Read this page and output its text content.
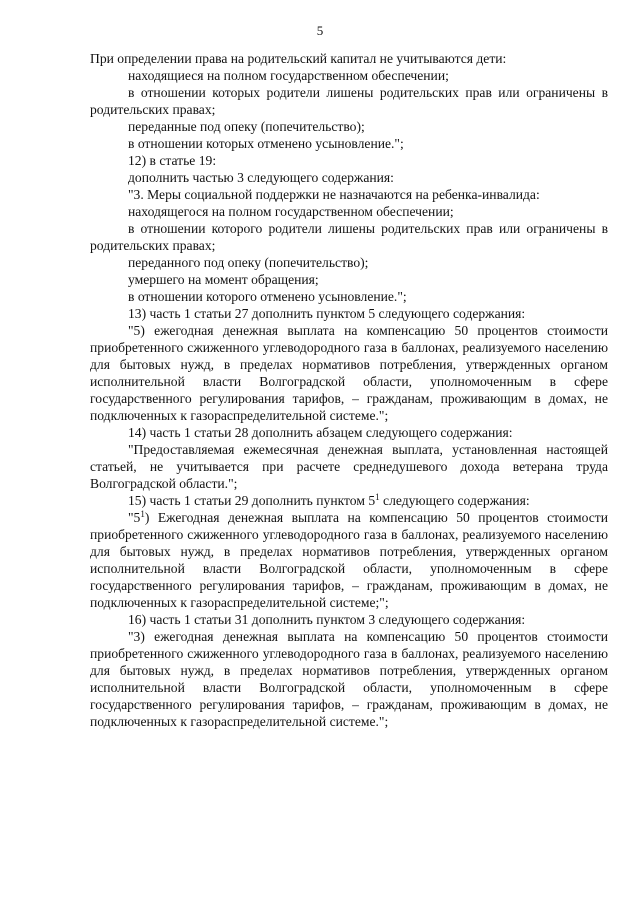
5

При определении права на родительский капитал не учитываются дети:

находящиеся на полном государственном обеспечении;

в отношении которых родители лишены родительских прав или ограничены в родительских правах;

переданные под опеку (попечительство);

в отношении которых отменено усыновление.";

12) в статье 19:

дополнить частью 3 следующего содержания:

"3. Меры социальной поддержки не назначаются на ребенка-инвалида:

находящегося на полном государственном обеспечении;

в отношении которого родители лишены родительских прав или ограничены в родительских правах;

переданного под опеку (попечительство);

умершего на момент обращения;

в отношении которого отменено усыновление.";

13) часть 1 статьи 27 дополнить пунктом 5 следующего содержания:

"5) ежегодная денежная выплата на компенсацию 50 процентов стоимости приобретенного сжиженного углеводородного газа в баллонах, реализуемого населению для бытовых нужд, в пределах нормативов потребления, утвержденных органом исполнительной власти Волгоградской области, уполномоченным в сфере государственного регулирования тарифов, – гражданам, проживающим в домах, не подключенных к газораспределительной системе.";

14) часть 1 статьи 28 дополнить абзацем следующего содержания:

"Предоставляемая ежемесячная денежная выплата, установленная настоящей статьей, не учитывается при расчете среднедушевого дохода ветерана труда Волгоградской области.";

15) часть 1 статьи 29 дополнить пунктом $5^1$ следующего содержания:

"$5^1$) Ежегодная денежная выплата на компенсацию 50 процентов стоимости приобретенного сжиженного углеводородного газа в баллонах, реализуемого населению для бытовых нужд, в пределах нормативов потребления, утвержденных органом исполнительной власти Волгоградской области, уполномоченным в сфере государственного регулирования тарифов, – гражданам, проживающим в домах, не подключенных к газораспределительной системе;";

16) часть 1 статьи 31 дополнить пунктом 3 следующего содержания:

"3) ежегодная денежная выплата на компенсацию 50 процентов стоимости приобретенного сжиженного углеводородного газа в баллонах, реализуемого населению для бытовых нужд, в пределах нормативов потребления, утвержденных органом исполнительной власти Волгоградской области, уполномоченным в сфере государственного регулирования тарифов, – гражданам, проживающим в домах, не подключенных к газораспределительной системе.";
